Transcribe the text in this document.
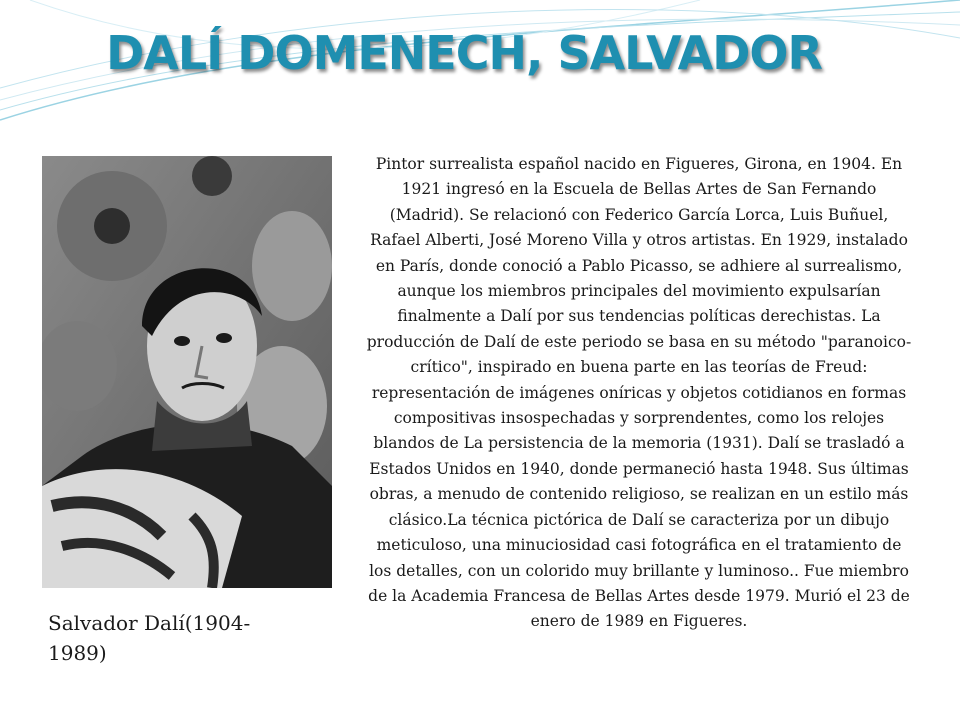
DALÍ DOMENECH, SALVADOR
Salvador Dalí(1904-1989)

Pintor surrealista español nacido en Figueres, Girona, en 1904. En 1921 ingresó en la Escuela de Bellas Artes de San Fernando (Madrid). Se relacionó con Federico García Lorca, Luis Buñuel, Rafael Alberti, José Moreno Villa y otros artistas. En 1929, instalado en París, donde conoció a Pablo Picasso, se adhiere al surrealismo, aunque los miembros principales del movimiento expulsarían finalmente a Dalí por sus tendencias políticas derechistas. La producción de Dalí de este periodo se basa en su método "paranoico-crítico", inspirado en buena parte en las teorías de Freud: representación de imágenes oníricas y objetos cotidianos en formas compositivas insospechadas y sorprendentes, como los relojes blandos de La persistencia de la memoria (1931). Dalí se trasladó a Estados Unidos en 1940, donde permaneció hasta 1948. Sus últimas obras, a menudo de contenido religioso, se realizan en un estilo más clásico.La técnica pictórica de Dalí se caracteriza por un dibujo meticuloso, una minuciosidad casi fotográfica en el tratamiento de los detalles, con un colorido muy brillante y luminoso.. Fue miembro de la Academia Francesa de Bellas Artes desde 1979. Murió el 23 de enero de 1989 en Figueres.
